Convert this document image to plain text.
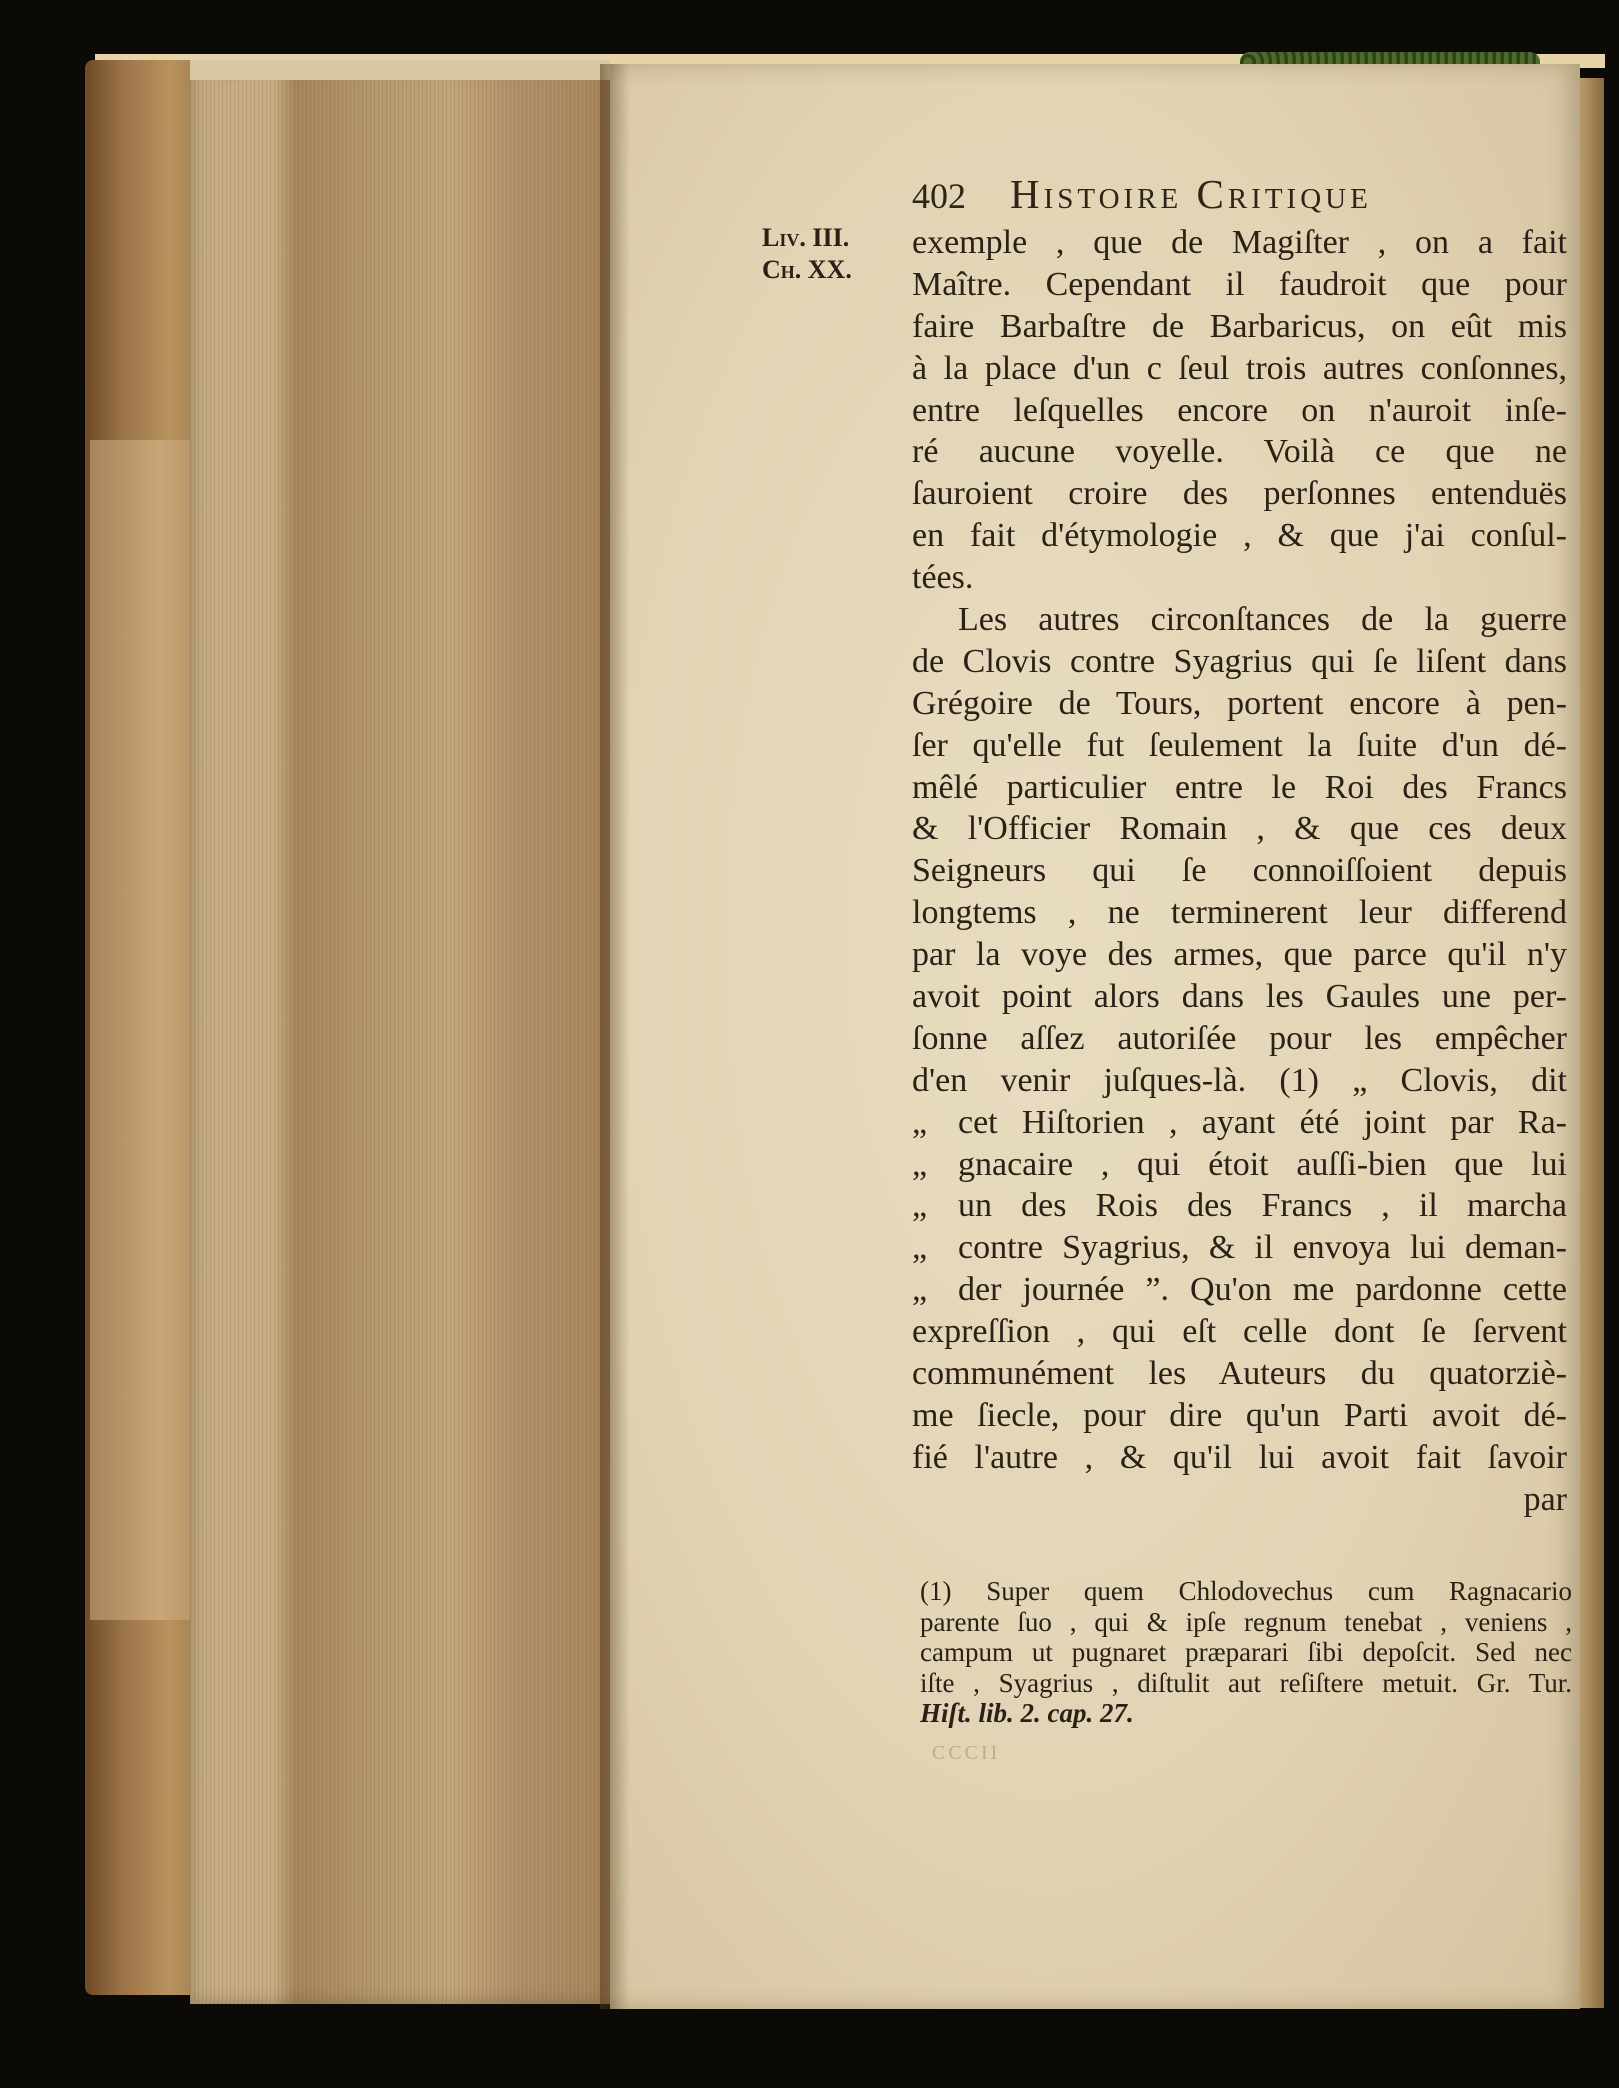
402 Histoire Critique
Liv. III.
Ch. XX.
exemple , que de Magiſter , on a fait
Maître. Cependant il faudroit que pour
faire Barbaſtre de Barbaricus, on eût mis
à la place d'un c ſeul trois autres conſonnes,
entre leſquelles encore on n'auroit inſe-
ré aucune voyelle. Voilà ce que ne
ſauroient croire des perſonnes entenduës
en fait d'étymologie , & que j'ai conſul-
tées.
Les autres circonſtances de la guerre
de Clovis contre Syagrius qui ſe liſent dans
Grégoire de Tours, portent encore à pen-
ſer qu'elle fut ſeulement la ſuite d'un dé-
mêlé particulier entre le Roi des Francs
& l'Officier Romain , & que ces deux
Seigneurs qui ſe connoiſſoient depuis
longtems , ne terminerent leur differend
par la voye des armes, que parce qu'il n'y
avoit point alors dans les Gaules une per-
ſonne aſſez autoriſée pour les empêcher
d'en venir juſques-là. (1) „ Clovis, dit
„ cet Hiſtorien , ayant été joint par Ra-
„ gnacaire , qui étoit auſſi-bien que lui
„ un des Rois des Francs , il marcha
„ contre Syagrius, & il envoya lui deman-
„ der journée ”. Qu'on me pardonne cette
expreſſion , qui eſt celle dont ſe ſervent
communément les Auteurs du quatorziè-
me ſiecle, pour dire qu'un Parti avoit dé-
fié l'autre , & qu'il lui avoit fait ſavoir
par
(1) Super quem Chlodovechus cum Ragnacario
parente ſuo , qui & ipſe regnum tenebat , veniens ,
campum ut pugnaret præparari ſibi depoſcit. Sed nec
iſte , Syagrius , diſtulit aut reſiſtere metuit. Gr. Tur.
Hiſt. lib. 2. cap. 27.
CCCII
